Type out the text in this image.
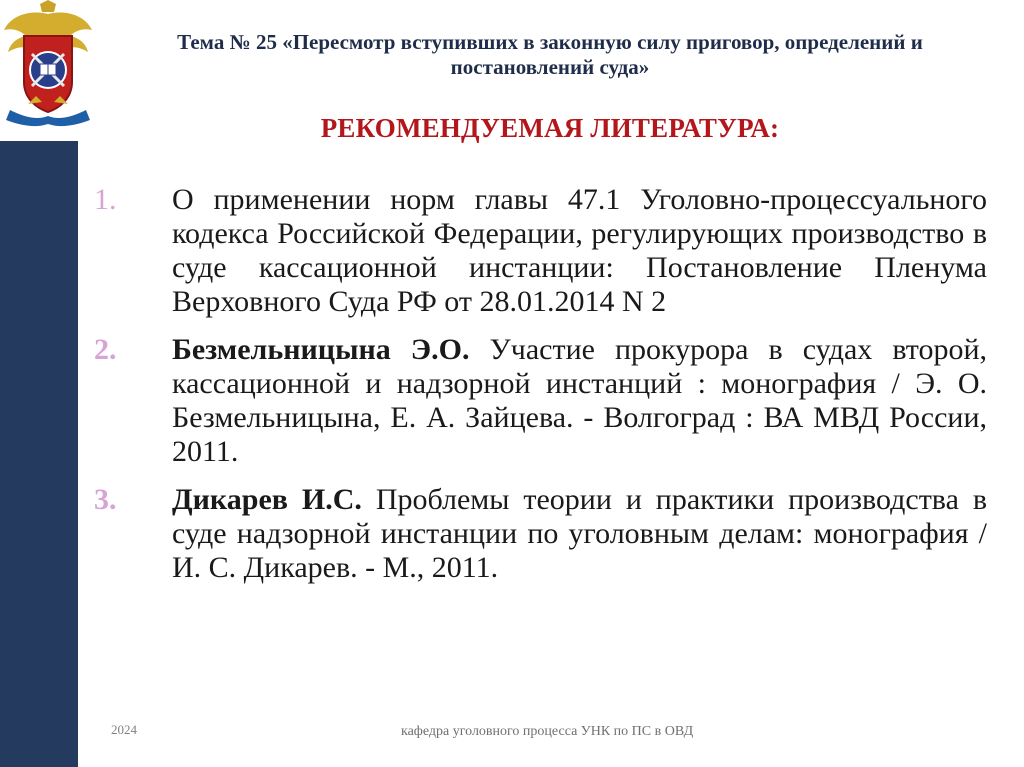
Тема № 25 «Пересмотр вступивших в законную силу приговор, определений и постановлений суда»
РЕКОМЕНДУЕМАЯ ЛИТЕРАТУРА:
1. О применении норм главы 47.1 Уголовно-процессуального кодекса Российской Федерации, регулирующих производство в суде кассационной инстанции: Постановление Пленума Верховного Суда РФ от 28.01.2014 N 2
2. Безмельницына Э.О. Участие прокурора в судах второй, кассационной и надзорной инстанций : монография / Э. О. Безмельницына, Е. А. Зайцева. - Волгоград : ВА МВД России, 2011.
3. Дикарев И.С. Проблемы теории и практики производства в суде надзорной инстанции по уголовным делам: монография / И. С. Дикарев. - М., 2011.
2024	кафедра уголовного процесса УНК по ПС в ОВД
